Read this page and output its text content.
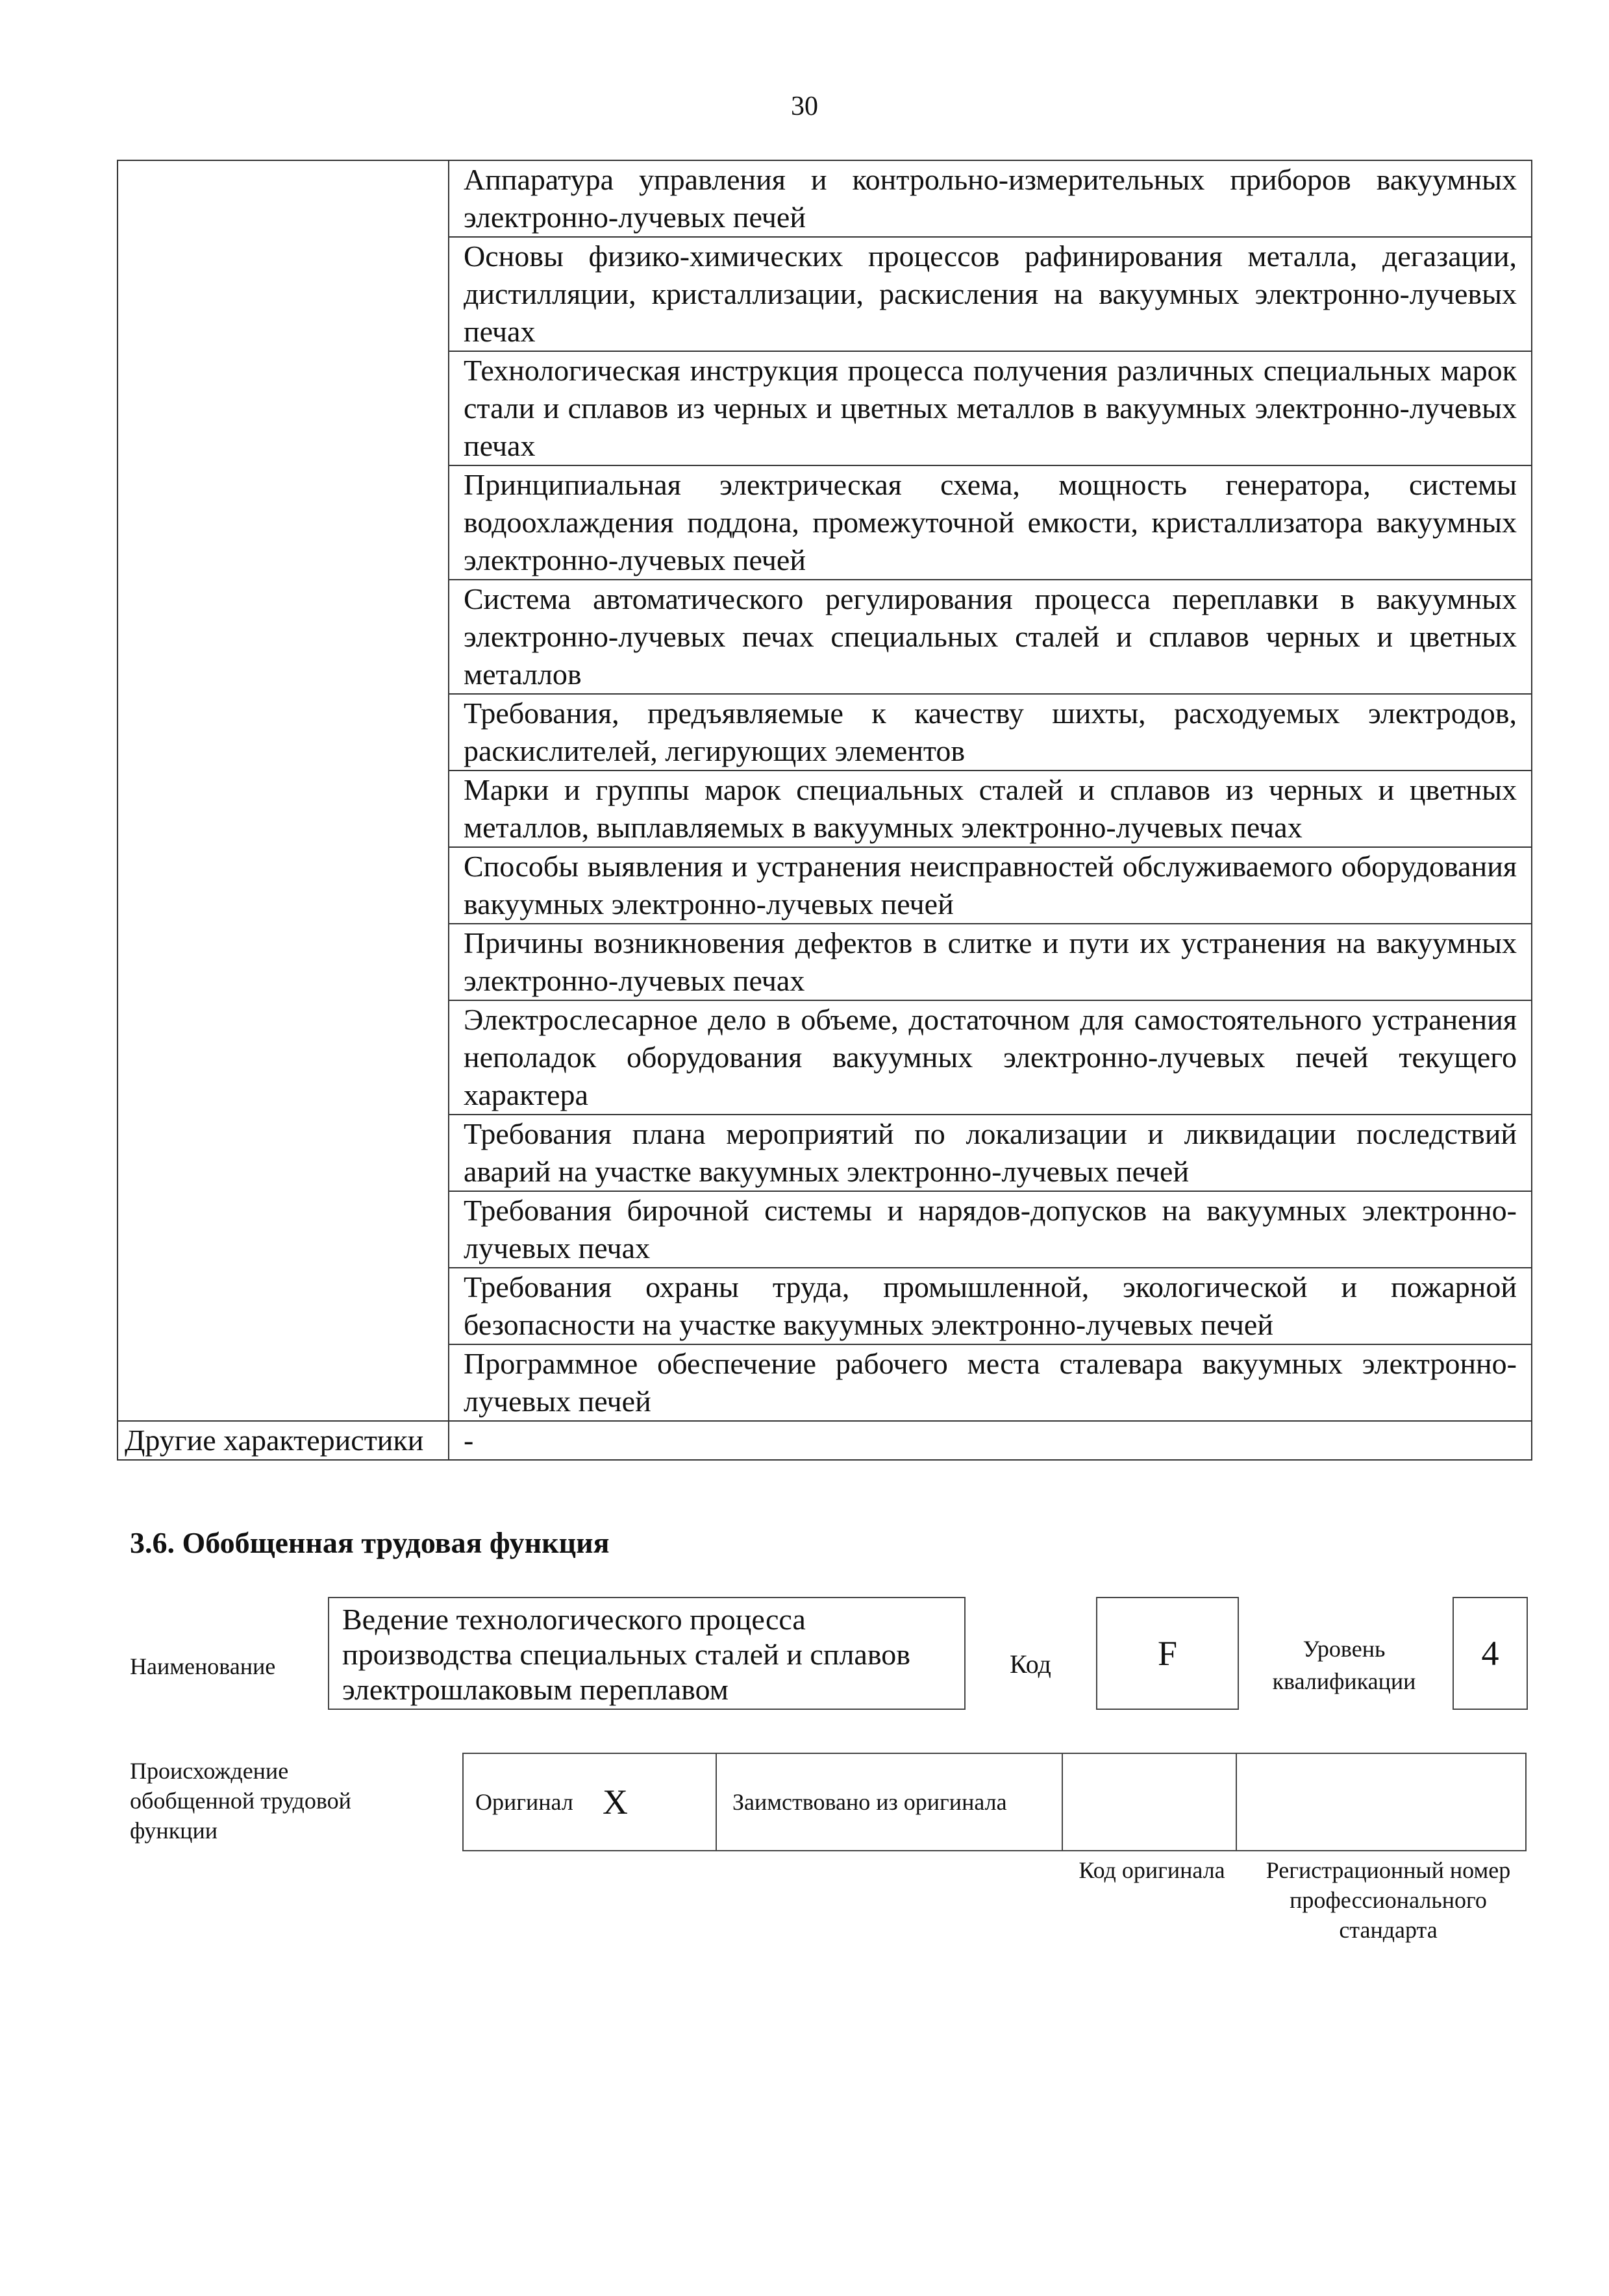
30
	Аппаратура управления и контрольно-измерительных приборов вакуумных электронно-лучевых печей
	Основы физико-химических процессов рафинирования металла, дегазации, дистилляции, кристаллизации, раскисления на вакуумных электронно-лучевых печах
	Технологическая инструкция процесса получения различных специальных марок стали и сплавов из черных и цветных металлов в вакуумных электронно-лучевых печах
	Принципиальная электрическая схема, мощность генератора, системы водоохлаждения поддона, промежуточной емкости, кристаллизатора вакуумных электронно-лучевых печей
	Система автоматического регулирования процесса переплавки в вакуумных электронно-лучевых печах специальных сталей и сплавов черных и цветных металлов
	Требования, предъявляемые к качеству шихты, расходуемых электродов, раскислителей, легирующих элементов
	Марки и группы марок специальных сталей и сплавов из черных и цветных металлов, выплавляемых в вакуумных электронно-лучевых печах
	Способы выявления и устранения неисправностей обслуживаемого оборудования вакуумных электронно-лучевых печей
	Причины возникновения дефектов в слитке и пути их устранения на вакуумных электронно-лучевых печах
	Электрослесарное дело в объеме, достаточном для самостоятельного устранения неполадок оборудования вакуумных электронно-лучевых печей текущего характера
	Требования плана мероприятий по локализации и ликвидации последствий аварий на участке вакуумных электронно-лучевых печей
	Требования бирочной системы и нарядов-допусков на вакуумных электронно-лучевых печах
	Требования охраны труда, промышленной, экологической и пожарной безопасности на участке вакуумных электронно-лучевых печей
	Программное обеспечение рабочего места сталевара вакуумных электронно-лучевых печей
Другие характеристики	-
3.6. Обобщенная трудовая функция
Наименование
Ведение технологического процесса производства специальных сталей и сплавов электрошлаковым переплавом
Код	F	Уровень квалификации
4
Происхождение обобщенной трудовой функции
Оригинал	X	Заимствовано из оригинала		
Код оригинала	Регистрационный номер профессионального стандарта
